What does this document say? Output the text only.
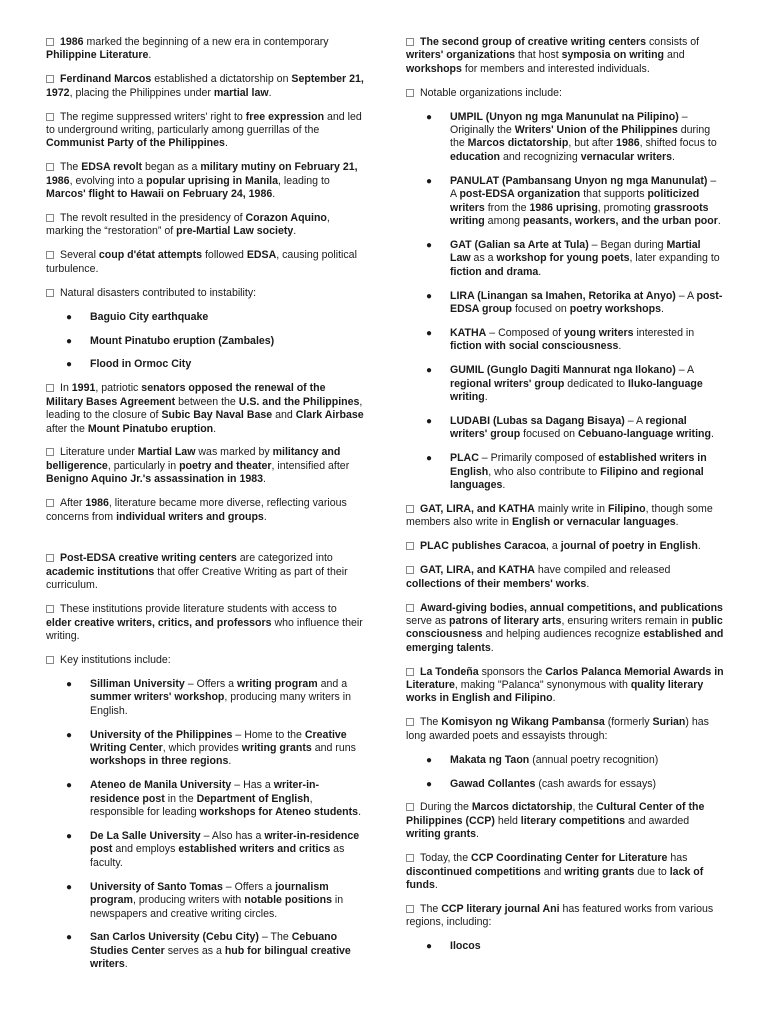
1986 marked the beginning of a new era in contemporary Philippine Literature.
Ferdinand Marcos established a dictatorship on September 21, 1972, placing the Philippines under martial law.
The regime suppressed writers' right to free expression and led to underground writing, particularly among guerrillas of the Communist Party of the Philippines.
The EDSA revolt began as a military mutiny on February 21, 1986, evolving into a popular uprising in Manila, leading to Marcos' flight to Hawaii on February 24, 1986.
The revolt resulted in the presidency of Corazon Aquino, marking the “restoration” of pre-Martial Law society.
Several coup d'état attempts followed EDSA, causing political turbulence.
Natural disasters contributed to instability:
● Baguio City earthquake
● Mount Pinatubo eruption (Zambales)
● Flood in Ormoc City
In 1991, patriotic senators opposed the renewal of the Military Bases Agreement between the U.S. and the Philippines, leading to the closure of Subic Bay Naval Base and Clark Airbase after the Mount Pinatubo eruption.
Literature under Martial Law was marked by militancy and belligerence, particularly in poetry and theater, intensified after Benigno Aquino Jr.'s assassination in 1983.
After 1986, literature became more diverse, reflecting various concerns from individual writers and groups.
Post-EDSA creative writing centers are categorized into academic institutions that offer Creative Writing as part of their curriculum.
These institutions provide literature students with access to elder creative writers, critics, and professors who influence their writing.
Key institutions include:
● Silliman University – Offers a writing program and a summer writers' workshop, producing many writers in English.
● University of the Philippines – Home to the Creative Writing Center, which provides writing grants and runs workshops in three regions.
● Ateneo de Manila University – Has a writer-in-residence post in the Department of English, responsible for leading workshops for Ateneo students.
● De La Salle University – Also has a writer-in-residence post and employs established writers and critics as faculty.
● University of Santo Tomas – Offers a journalism program, producing writers with notable positions in newspapers and creative writing circles.
● San Carlos University (Cebu City) – The Cebuano Studies Center serves as a hub for bilingual creative writers.
The second group of creative writing centers consists of writers' organizations that host symposia on writing and workshops for members and interested individuals.
Notable organizations include:
● UMPIL (Unyon ng mga Manunulat na Pilipino) – Originally the Writers' Union of the Philippines during the Marcos dictatorship, but after 1986, shifted focus to education and recognizing vernacular writers.
● PANULAT (Pambansang Unyon ng mga Manunulat) – A post-EDSA organization that supports politicized writers from the 1986 uprising, promoting grassroots writing among peasants, workers, and the urban poor.
● GAT (Galian sa Arte at Tula) – Began during Martial Law as a workshop for young poets, later expanding to fiction and drama.
● LIRA (Linangan sa Imahen, Retorika at Anyo) – A post-EDSA group focused on poetry workshops.
● KATHA – Composed of young writers interested in fiction with social consciousness.
● GUMIL (Gunglo Dagiti Mannurat nga Ilokano) – A regional writers' group dedicated to Iluko-language writing.
● LUDABI (Lubas sa Dagang Bisaya) – A regional writers' group focused on Cebuano-language writing.
● PLAC – Primarily composed of established writers in English, who also contribute to Filipino and regional languages.
GAT, LIRA, and KATHA mainly write in Filipino, though some members also write in English or vernacular languages.
PLAC publishes Caracoa, a journal of poetry in English.
GAT, LIRA, and KATHA have compiled and released collections of their members' works.
Award-giving bodies, annual competitions, and publications serve as patrons of literary arts, ensuring writers remain in public consciousness and helping audiences recognize established and emerging talents.
La Tondeña sponsors the Carlos Palanca Memorial Awards in Literature, making "Palanca" synonymous with quality literary works in English and Filipino.
The Komisyon ng Wikang Pambansa (formerly Surian) has long awarded poets and essayists through:
● Makata ng Taon (annual poetry recognition)
● Gawad Collantes (cash awards for essays)
During the Marcos dictatorship, the Cultural Center of the Philippines (CCP) held literary competitions and awarded writing grants.
Today, the CCP Coordinating Center for Literature has discontinued competitions and writing grants due to lack of funds.
The CCP literary journal Ani has featured works from various regions, including:
● Ilocos
